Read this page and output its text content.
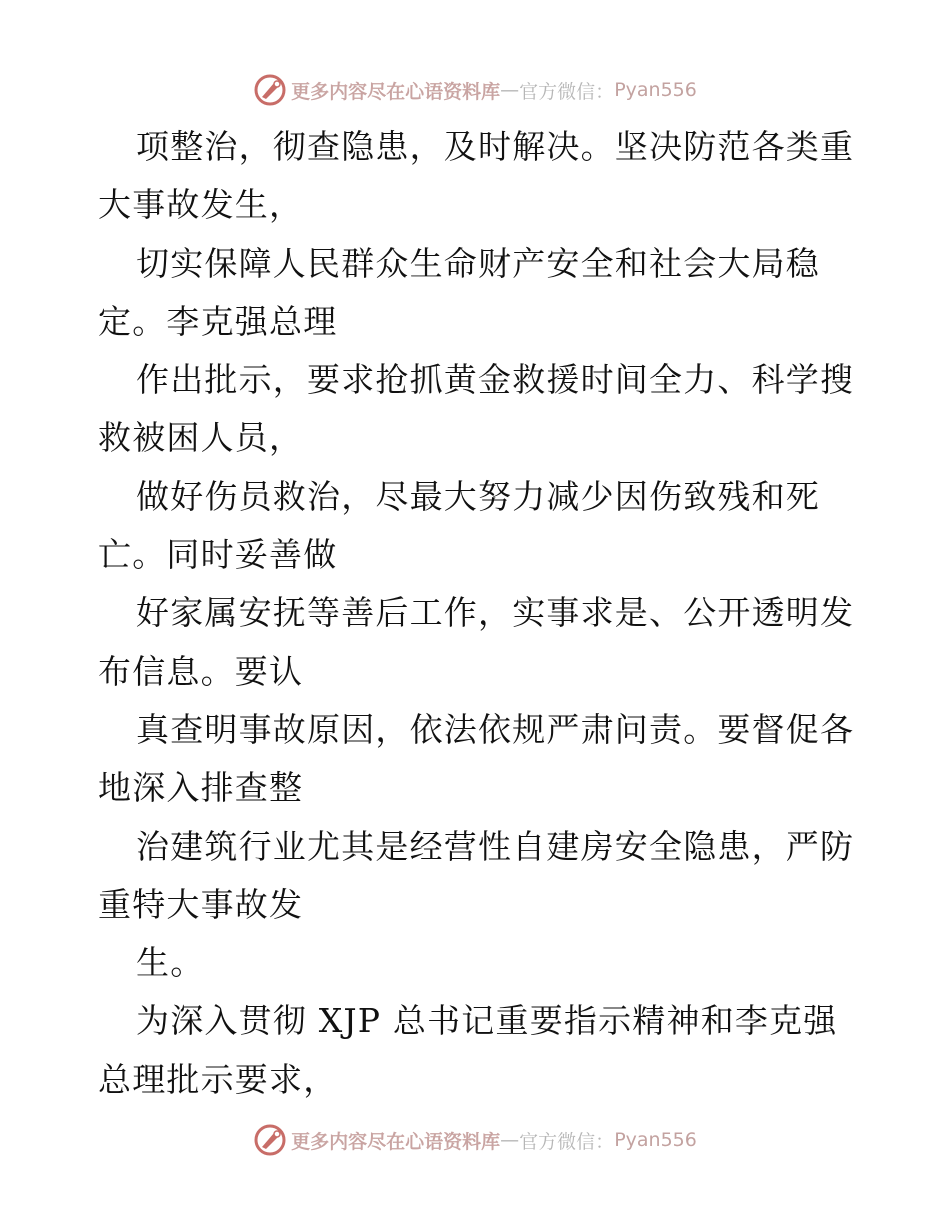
更多内容尽在心语资料库 — 官方微信： Pyan556
项整治，彻查隐患，及时解决。坚决防范各类重
大事故发生，
切实保障人民群众生命财产安全和社会大局稳
定。李克强总理
作出批示，要求抢抓黄金救援时间全力、科学搜
救被困人员，
做好伤员救治，尽最大努力减少因伤致残和死
亡。同时妥善做
好家属安抚等善后工作，实事求是、公开透明发
布信息。要认
真查明事故原因，依法依规严肃问责。要督促各
地深入排查整
治建筑行业尤其是经营性自建房安全隐患，严防
重特大事故发
生。
为深入贯彻 XJP 总书记重要指示精神和李克强
总理批示要求，
更多内容尽在心语资料库 — 官方微信： Pyan556
